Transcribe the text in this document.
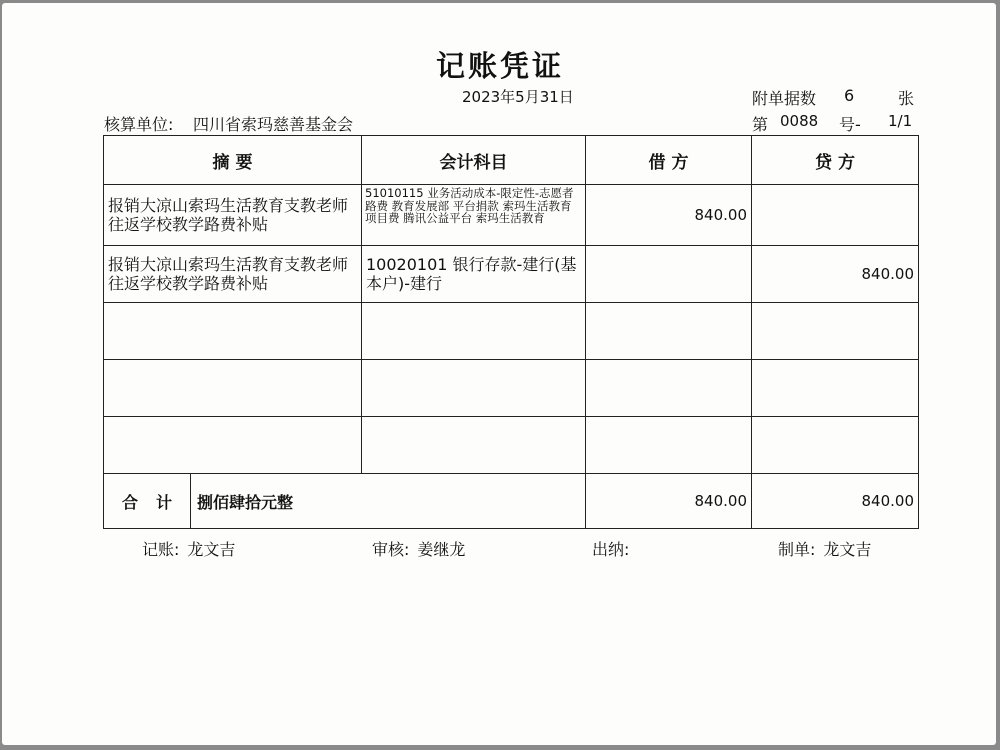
记账凭证
2023年5月31日	附单据数 6	张
核算单位: 四川省索玛慈善基金会	第 0088 号- 1/1
摘 要	会计科目	借 方	贷 方
报销大凉山索玛生活教育支教老师往返学校教学路费补贴	51010115 业务活动成本-限定性-志愿者路费 教育发展部 平台捐款 索玛生活教育 项目费 腾讯公益平台 索玛生活教育	840.00	
报销大凉山索玛生活教育支教老师往返学校教学路费补贴	10020101 银行存款-建行(基本户)-建行		840.00

合计 捌佰肆拾元整		840.00	840.00
记账: 龙文吉	审核: 姜继龙	出纳:	制单: 龙文吉
